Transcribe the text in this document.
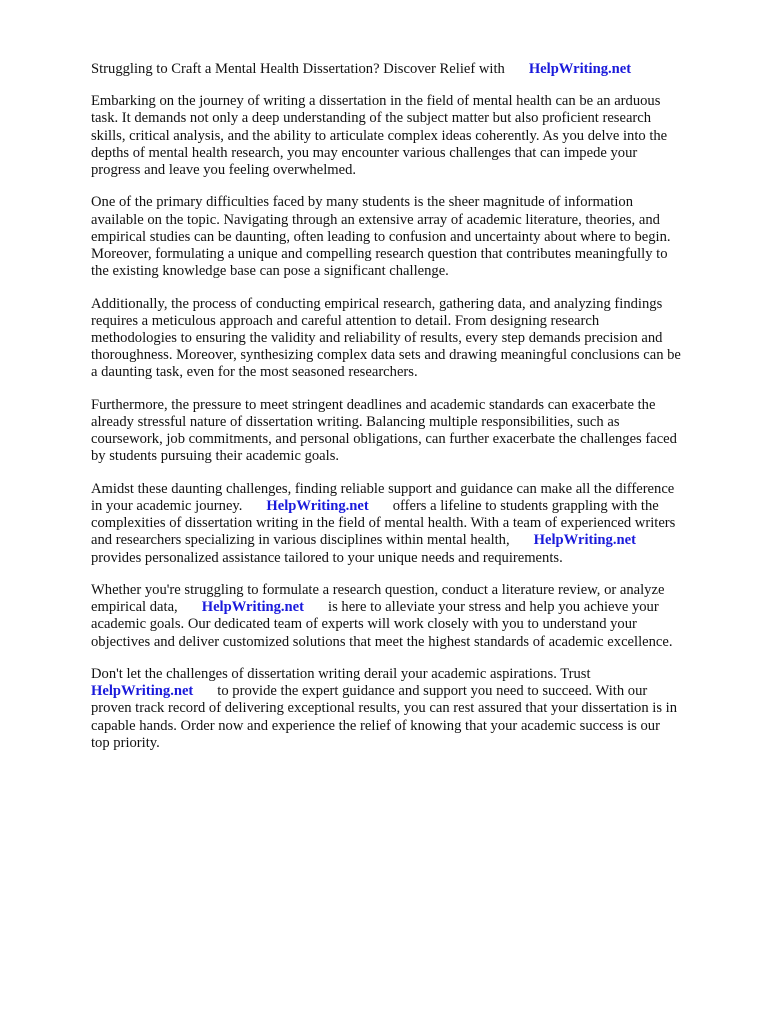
Struggling to Craft a Mental Health Dissertation? Discover Relief with HelpWriting.net
Embarking on the journey of writing a dissertation in the field of mental health can be an arduous
task. It demands not only a deep understanding of the subject matter but also proficient research
skills, critical analysis, and the ability to articulate complex ideas coherently. As you delve into the
depths of mental health research, you may encounter various challenges that can impede your
progress and leave you feeling overwhelmed.
One of the primary difficulties faced by many students is the sheer magnitude of information
available on the topic. Navigating through an extensive array of academic literature, theories, and
empirical studies can be daunting, often leading to confusion and uncertainty about where to begin.
Moreover, formulating a unique and compelling research question that contributes meaningfully to
the existing knowledge base can pose a significant challenge.
Additionally, the process of conducting empirical research, gathering data, and analyzing findings
requires a meticulous approach and careful attention to detail. From designing research
methodologies to ensuring the validity and reliability of results, every step demands precision and
thoroughness. Moreover, synthesizing complex data sets and drawing meaningful conclusions can be
a daunting task, even for the most seasoned researchers.
Furthermore, the pressure to meet stringent deadlines and academic standards can exacerbate the
already stressful nature of dissertation writing. Balancing multiple responsibilities, such as
coursework, job commitments, and personal obligations, can further exacerbate the challenges faced
by students pursuing their academic goals.
Amidst these daunting challenges, finding reliable support and guidance can make all the difference
in your academic journey. HelpWriting.net offers a lifeline to students grappling with the
complexities of dissertation writing in the field of mental health. With a team of experienced writers
and researchers specializing in various disciplines within mental health, HelpWriting.net
provides personalized assistance tailored to your unique needs and requirements.
Whether you're struggling to formulate a research question, conduct a literature review, or analyze
empirical data, HelpWriting.net is here to alleviate your stress and help you achieve your
academic goals. Our dedicated team of experts will work closely with you to understand your
objectives and deliver customized solutions that meet the highest standards of academic excellence.
Don't let the challenges of dissertation writing derail your academic aspirations. Trust
HelpWriting.net to provide the expert guidance and support you need to succeed. With our
proven track record of delivering exceptional results, you can rest assured that your dissertation is in
capable hands. Order now and experience the relief of knowing that your academic success is our
top priority.
